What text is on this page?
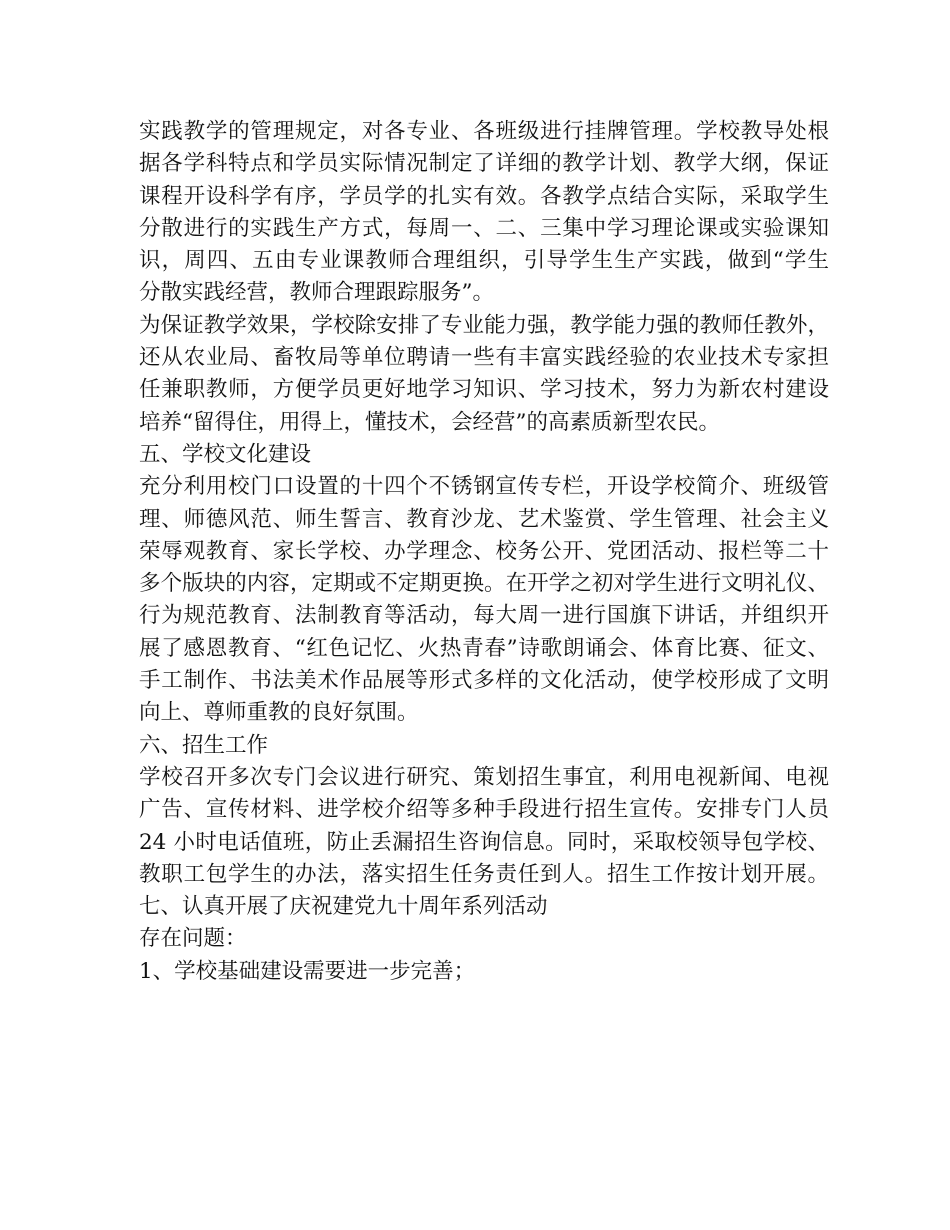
实践教学的管理规定，对各专业、各班级进行挂牌管理。学校教导处根
据各学科特点和学员实际情况制定了详细的教学计划、教学大纲，保证
课程开设科学有序，学员学的扎实有效。各教学点结合实际，采取学生
分散进行的实践生产方式，每周一、二、三集中学习理论课或实验课知
识，周四、五由专业课教师合理组织，引导学生生产实践，做到“学生
分散实践经营，教师合理跟踪服务”。
为保证教学效果，学校除安排了专业能力强，教学能力强的教师任教外，
还从农业局、畜牧局等单位聘请一些有丰富实践经验的农业技术专家担
任兼职教师，方便学员更好地学习知识、学习技术，努力为新农村建设
培养“留得住，用得上，懂技术，会经营”的高素质新型农民。
五、学校文化建设
充分利用校门口设置的十四个不锈钢宣传专栏，开设学校简介、班级管
理、师德风范、师生誓言、教育沙龙、艺术鉴赏、学生管理、社会主义
荣辱观教育、家长学校、办学理念、校务公开、党团活动、报栏等二十
多个版块的内容，定期或不定期更换。在开学之初对学生进行文明礼仪、
行为规范教育、法制教育等活动，每大周一进行国旗下讲话，并组织开
展了感恩教育、“红色记忆、火热青春”诗歌朗诵会、体育比赛、征文、
手工制作、书法美术作品展等形式多样的文化活动，使学校形成了文明
向上、尊师重教的良好氛围。
六、招生工作
学校召开多次专门会议进行研究、策划招生事宜，利用电视新闻、电视
广告、宣传材料、进学校介绍等多种手段进行招生宣传。安排专门人员
24 小时电话值班，防止丢漏招生咨询信息。同时，采取校领导包学校、
教职工包学生的办法，落实招生任务责任到人。招生工作按计划开展。
七、认真开展了庆祝建党九十周年系列活动
存在问题：
1、学校基础建设需要进一步完善；
